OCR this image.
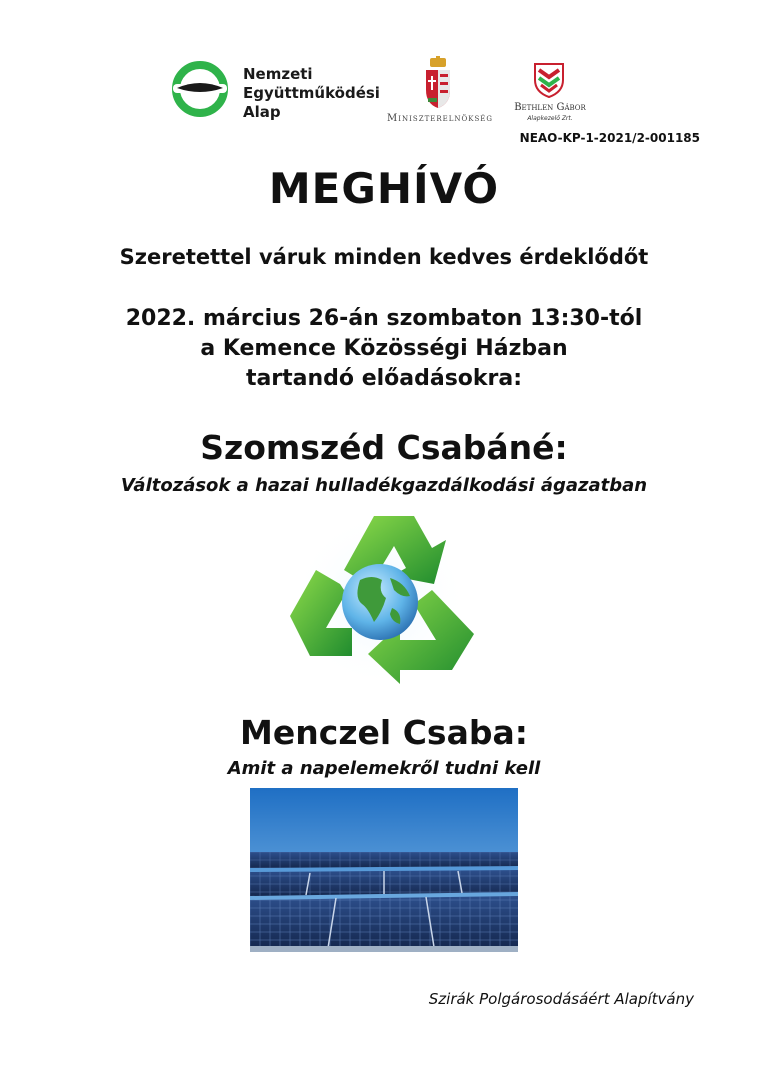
Nemzeti
Együttműködési
Alap	Miniszterelnökség
Bethlen Gábor
Alapkezelő Zrt.
NEAO-KP-1-2021/2-001185
MEGHÍVÓ
Szeretettel váruk minden kedves érdeklődőt
2022. március 26-án szombaton 13:30-tól
a Kemence Közösségi Házban
tartandó előadásokra:
Szomszéd Csabáné:
Változások a hazai hulladékgazdálkodási ágazatban
Menczel Csaba:
Amit a napelemekről tudni kell
Szirák Polgárosodásáért Alapítvány
